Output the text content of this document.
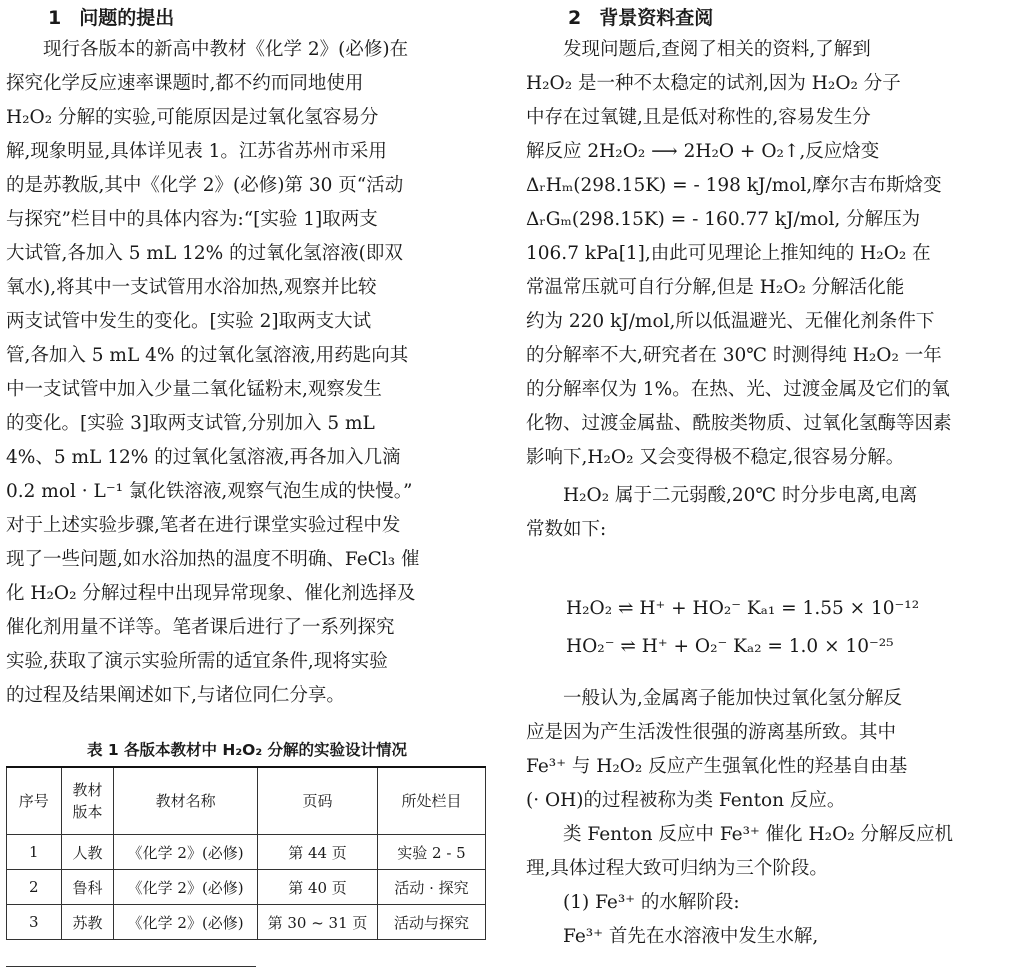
1 问题的提出
现行各版本的新高中教材《化学 2》(必修)在
探究化学反应速率课题时,都不约而同地使用
H₂O₂ 分解的实验,可能原因是过氧化氢容易分
解,现象明显,具体详见表 1。江苏省苏州市采用
的是苏教版,其中《化学 2》(必修)第 30 页“活动
与探究”栏目中的具体内容为:“[实验 1]取两支
大试管,各加入 5 mL 12% 的过氧化氢溶液(即双
氧水),将其中一支试管用水浴加热,观察并比较
两支试管中发生的变化。[实验 2]取两支大试
管,各加入 5 mL 4% 的过氧化氢溶液,用药匙向其
中一支试管中加入少量二氧化锰粉末,观察发生
的变化。[实验 3]取两支试管,分别加入 5 mL
4%、5 mL 12% 的过氧化氢溶液,再各加入几滴
0.2 mol · L⁻¹ 氯化铁溶液,观察气泡生成的快慢。”
对于上述实验步骤,笔者在进行课堂实验过程中发
现了一些问题,如水浴加热的温度不明确、FeCl₃ 催
化 H₂O₂ 分解过程中出现异常现象、催化剂选择及
催化剂用量不详等。笔者课后进行了一系列探究
实验,获取了演示实验所需的适宜条件,现将实验
的过程及结果阐述如下,与诸位同仁分享。
表 1 各版本教材中 H₂O₂ 分解的实验设计情况
序号	教材版本	教材名称	页码	所处栏目
1	人教	《化学 2》(必修)	第 44 页	实验 2 - 5
2	鲁科	《化学 2》(必修)	第 40 页	活动 · 探究
3	苏教	《化学 2》(必修)	第 30 ~ 31 页	活动与探究
2 背景资料查阅
发现问题后,查阅了相关的资料,了解到
H₂O₂ 是一种不太稳定的试剂,因为 H₂O₂ 分子
中存在过氧键,且是低对称性的,容易发生分
解反应 2H₂O₂ ⟶ 2H₂O + O₂↑,反应焓变
ΔᵣHₘ(298.15K) = - 198 kJ/mol,摩尔吉布斯焓变
ΔᵣGₘ(298.15K) = - 160.77 kJ/mol, 分解压为
106.7 kPa[1],由此可见理论上推知纯的 H₂O₂ 在
常温常压就可自行分解,但是 H₂O₂ 分解活化能
约为 220 kJ/mol,所以低温避光、无催化剂条件下
的分解率不大,研究者在 30℃ 时测得纯 H₂O₂ 一年
的分解率仅为 1%。在热、光、过渡金属及它们的氧
化物、过渡金属盐、酰胺类物质、过氧化氢酶等因素
影响下,H₂O₂ 又会变得极不稳定,很容易分解。
H₂O₂ 属于二元弱酸,20℃ 时分步电离,电离
常数如下:
H₂O₂ ⇌ H⁺ + HO₂⁻ Kₐ₁ = 1.55 × 10⁻¹²
HO₂⁻ ⇌ H⁺ + O₂⁻ Kₐ₂ = 1.0 × 10⁻²⁵
一般认为,金属离子能加快过氧化氢分解反
应是因为产生活泼性很强的游离基所致。其中
Fe³⁺ 与 H₂O₂ 反应产生强氧化性的羟基自由基
(· OH)的过程被称为类 Fenton 反应。
类 Fenton 反应中 Fe³⁺ 催化 H₂O₂ 分解反应机
理,具体过程大致可归纳为三个阶段。
(1) Fe³⁺ 的水解阶段:
Fe³⁺ 首先在水溶液中发生水解,
